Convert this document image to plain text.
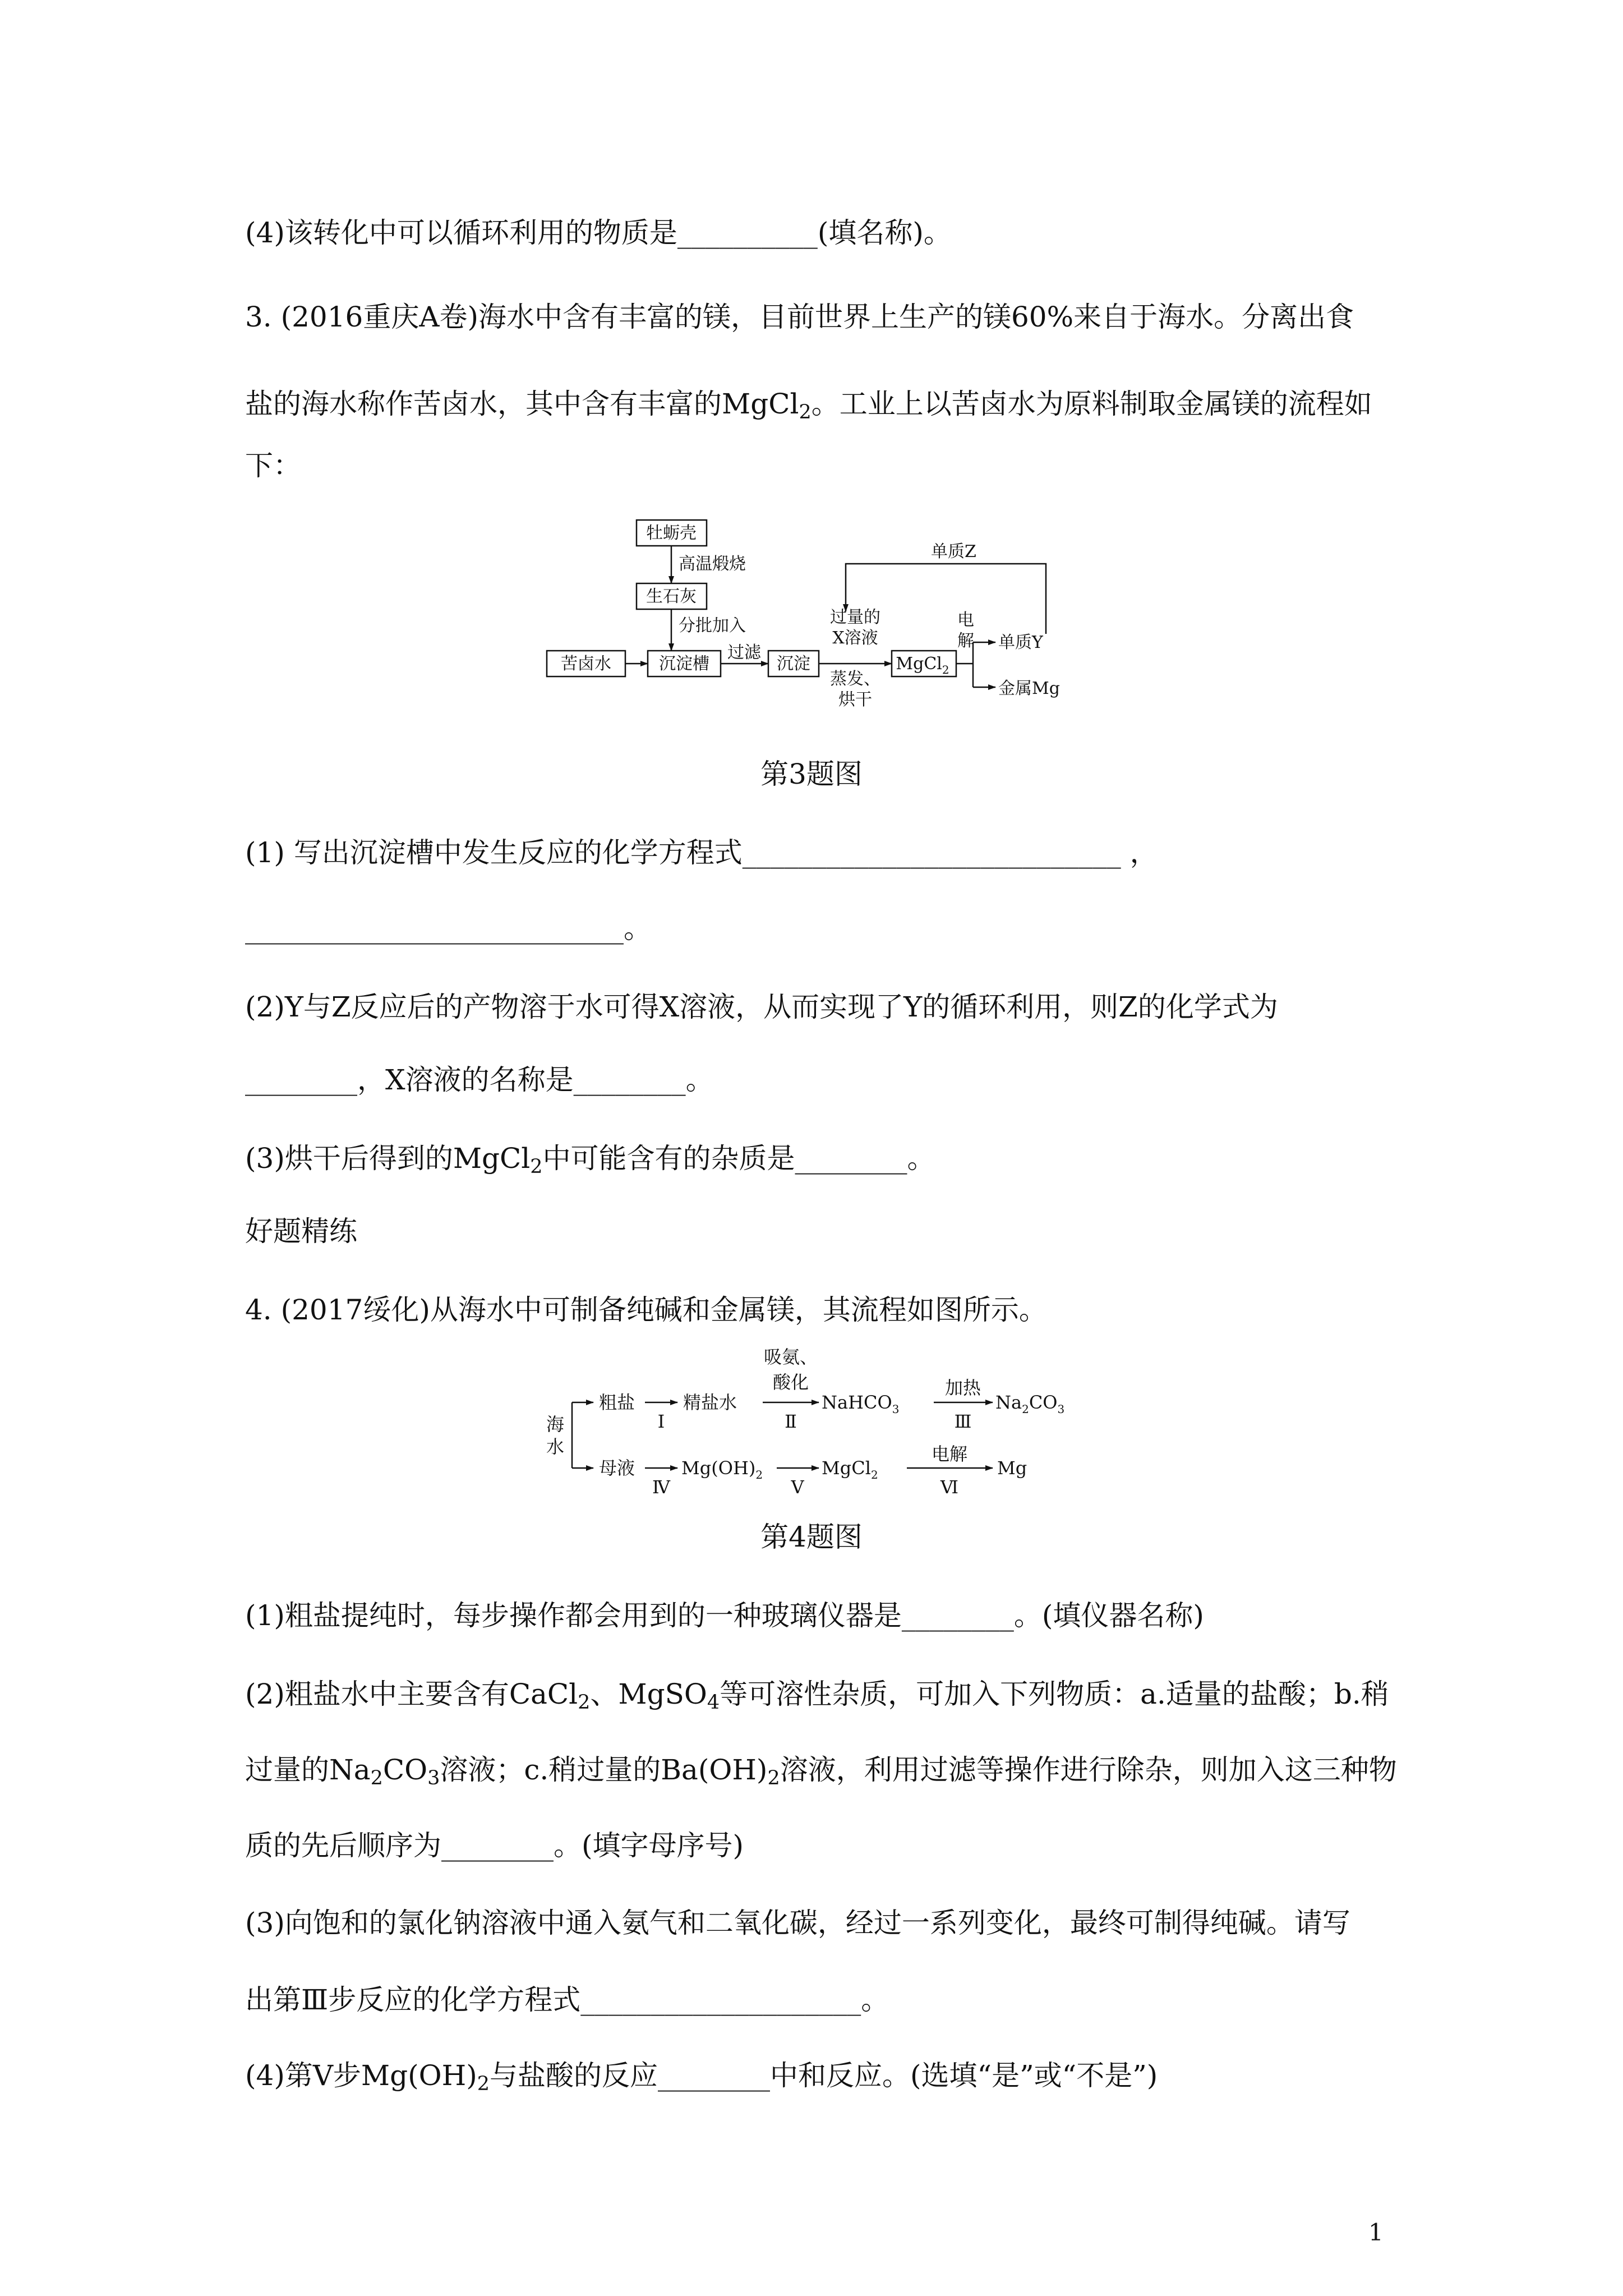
(4)该转化中可以循环利用的物质是__________(填名称)。
3. (2016重庆A卷)海水中含有丰富的镁，目前世界上生产的镁60%来自于海水。分离出食
盐的海水称作苦卤水，其中含有丰富的MgCl$_2$。工业上以苦卤水为原料制取金属镁的流程如
下：
牡蛎壳
高温煅烧
生石灰
分批加入
苦卤水	沉淀槽
过滤
沉淀
过量的
X溶液
蒸发、
烘干
MgCl$_2$
电
解 单质Y
单质Z
金属Mg
第3题图
(1) 写出沉淀槽中发生反应的化学方程式___________________________ ，
___________________________。
(2)Y与Z反应后的产物溶于水可得X溶液，从而实现了Y的循环利用，则Z的化学式为
________，X溶液的名称是________。
(3)烘干后得到的MgCl$_2$中可能含有的杂质是________。
好题精练
4. (2017绥化)从海水中可制备纯碱和金属镁，其流程如图所示。
海
水
粗盐
Ⅰ
精盐水
吸氨、
酸化
Ⅱ
NaHCO$_3$
加热
Ⅲ
$Na_2CO_3$
母液
Ⅳ
$Mg(OH)_2$
Ⅴ
MgCl$_2$
电解
Ⅵ
Mg
第4题图
(1)粗盐提纯时，每步操作都会用到的一种玻璃仪器是________。(填仪器名称)
(2)粗盐水中主要含有CaCl$_2$、MgSO$_4$等可溶性杂质，可加入下列物质：a.适量的盐酸；b.稍
过量的$Na_2CO_3$溶液；c.稍过量的$Ba(OH)_2$溶液，利用过滤等操作进行除杂，则加入这三种物
质的先后顺序为________。(填字母序号)
(3)向饱和的氯化钠溶液中通入氨气和二氧化碳，经过一系列变化，最终可制得纯碱。请写
出第Ⅲ步反应的化学方程式____________________。
(4)第Ⅴ步$Mg(OH)_2$与盐酸的反应________中和反应。(选填“是”或“不是”)
1
